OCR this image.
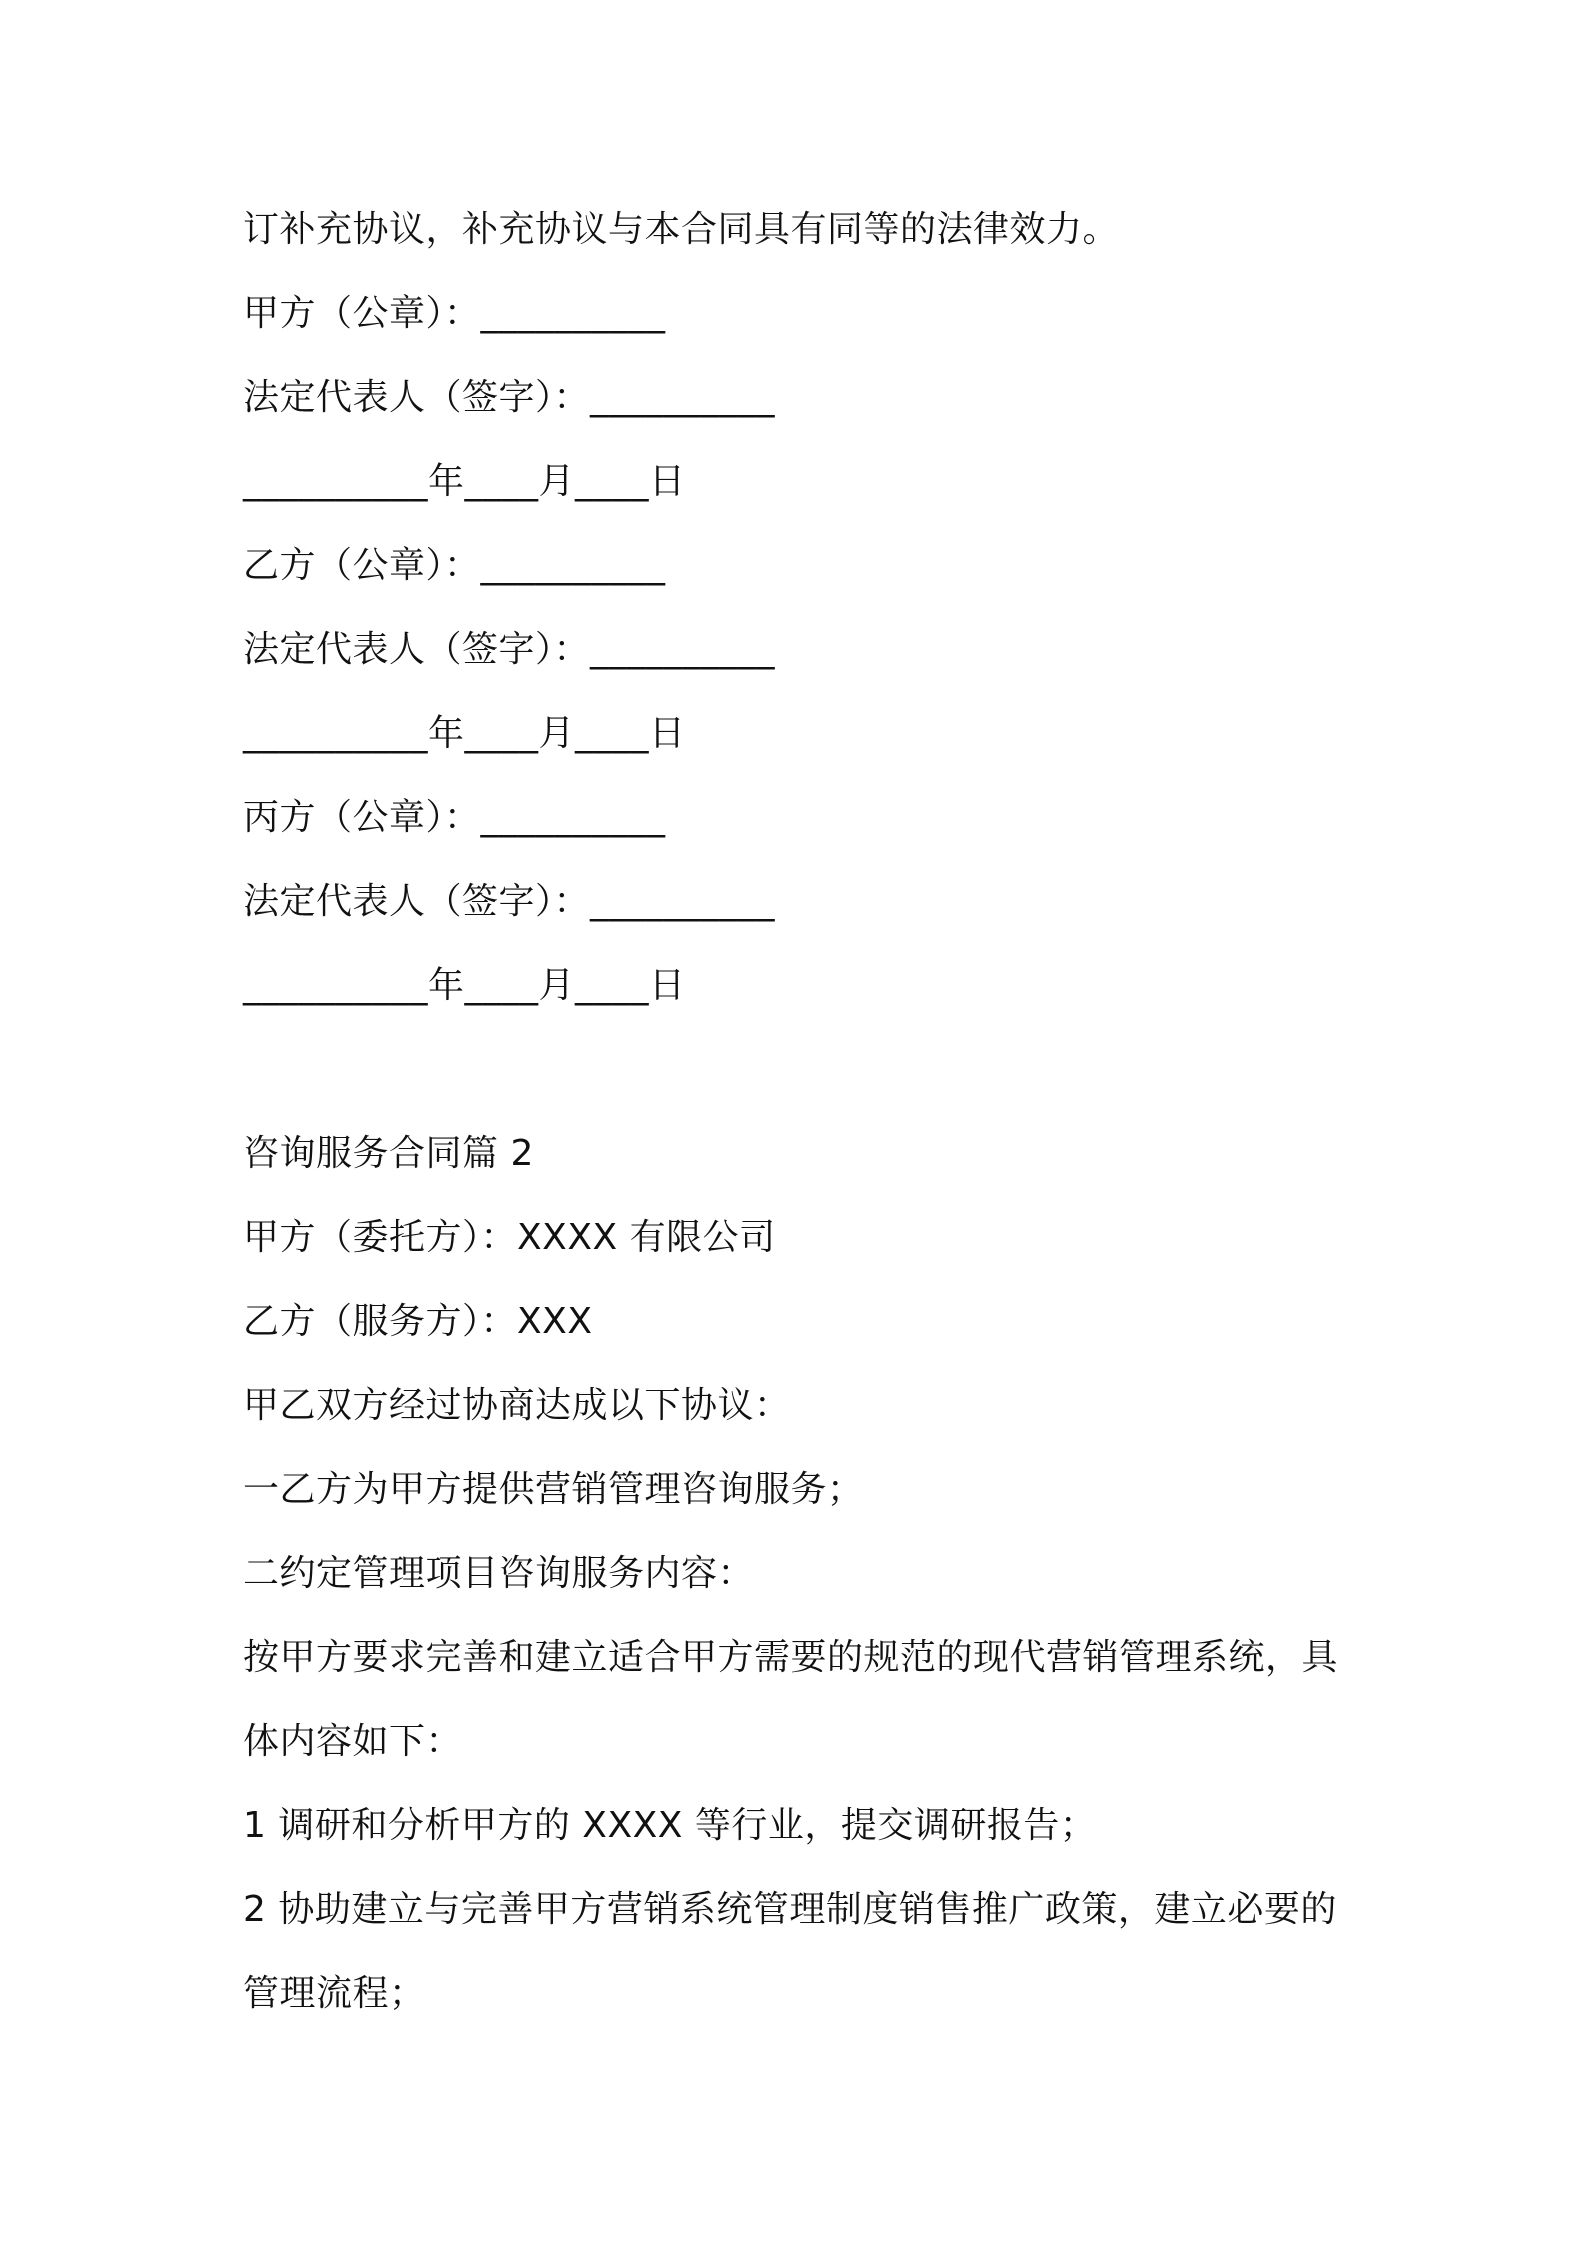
订补充协议，补充协议与本合同具有同等的法律效力。
甲方（公章）：__________
法定代表人（签字）：__________
__________年____月____日
乙方（公章）：__________
法定代表人（签字）：__________
__________年____月____日
丙方（公章）：__________
法定代表人（签字）：__________
__________年____月____日
咨询服务合同篇 2
甲方（委托方）：XXXX 有限公司
乙方（服务方）：XXX
甲乙双方经过协商达成以下协议：
一乙方为甲方提供营销管理咨询服务；
二约定管理项目咨询服务内容：
按甲方要求完善和建立适合甲方需要的规范的现代营销管理系统，具
体内容如下：
1 调研和分析甲方的 XXXX 等行业，提交调研报告；
2 协助建立与完善甲方营销系统管理制度销售推广政策，建立必要的
管理流程；
